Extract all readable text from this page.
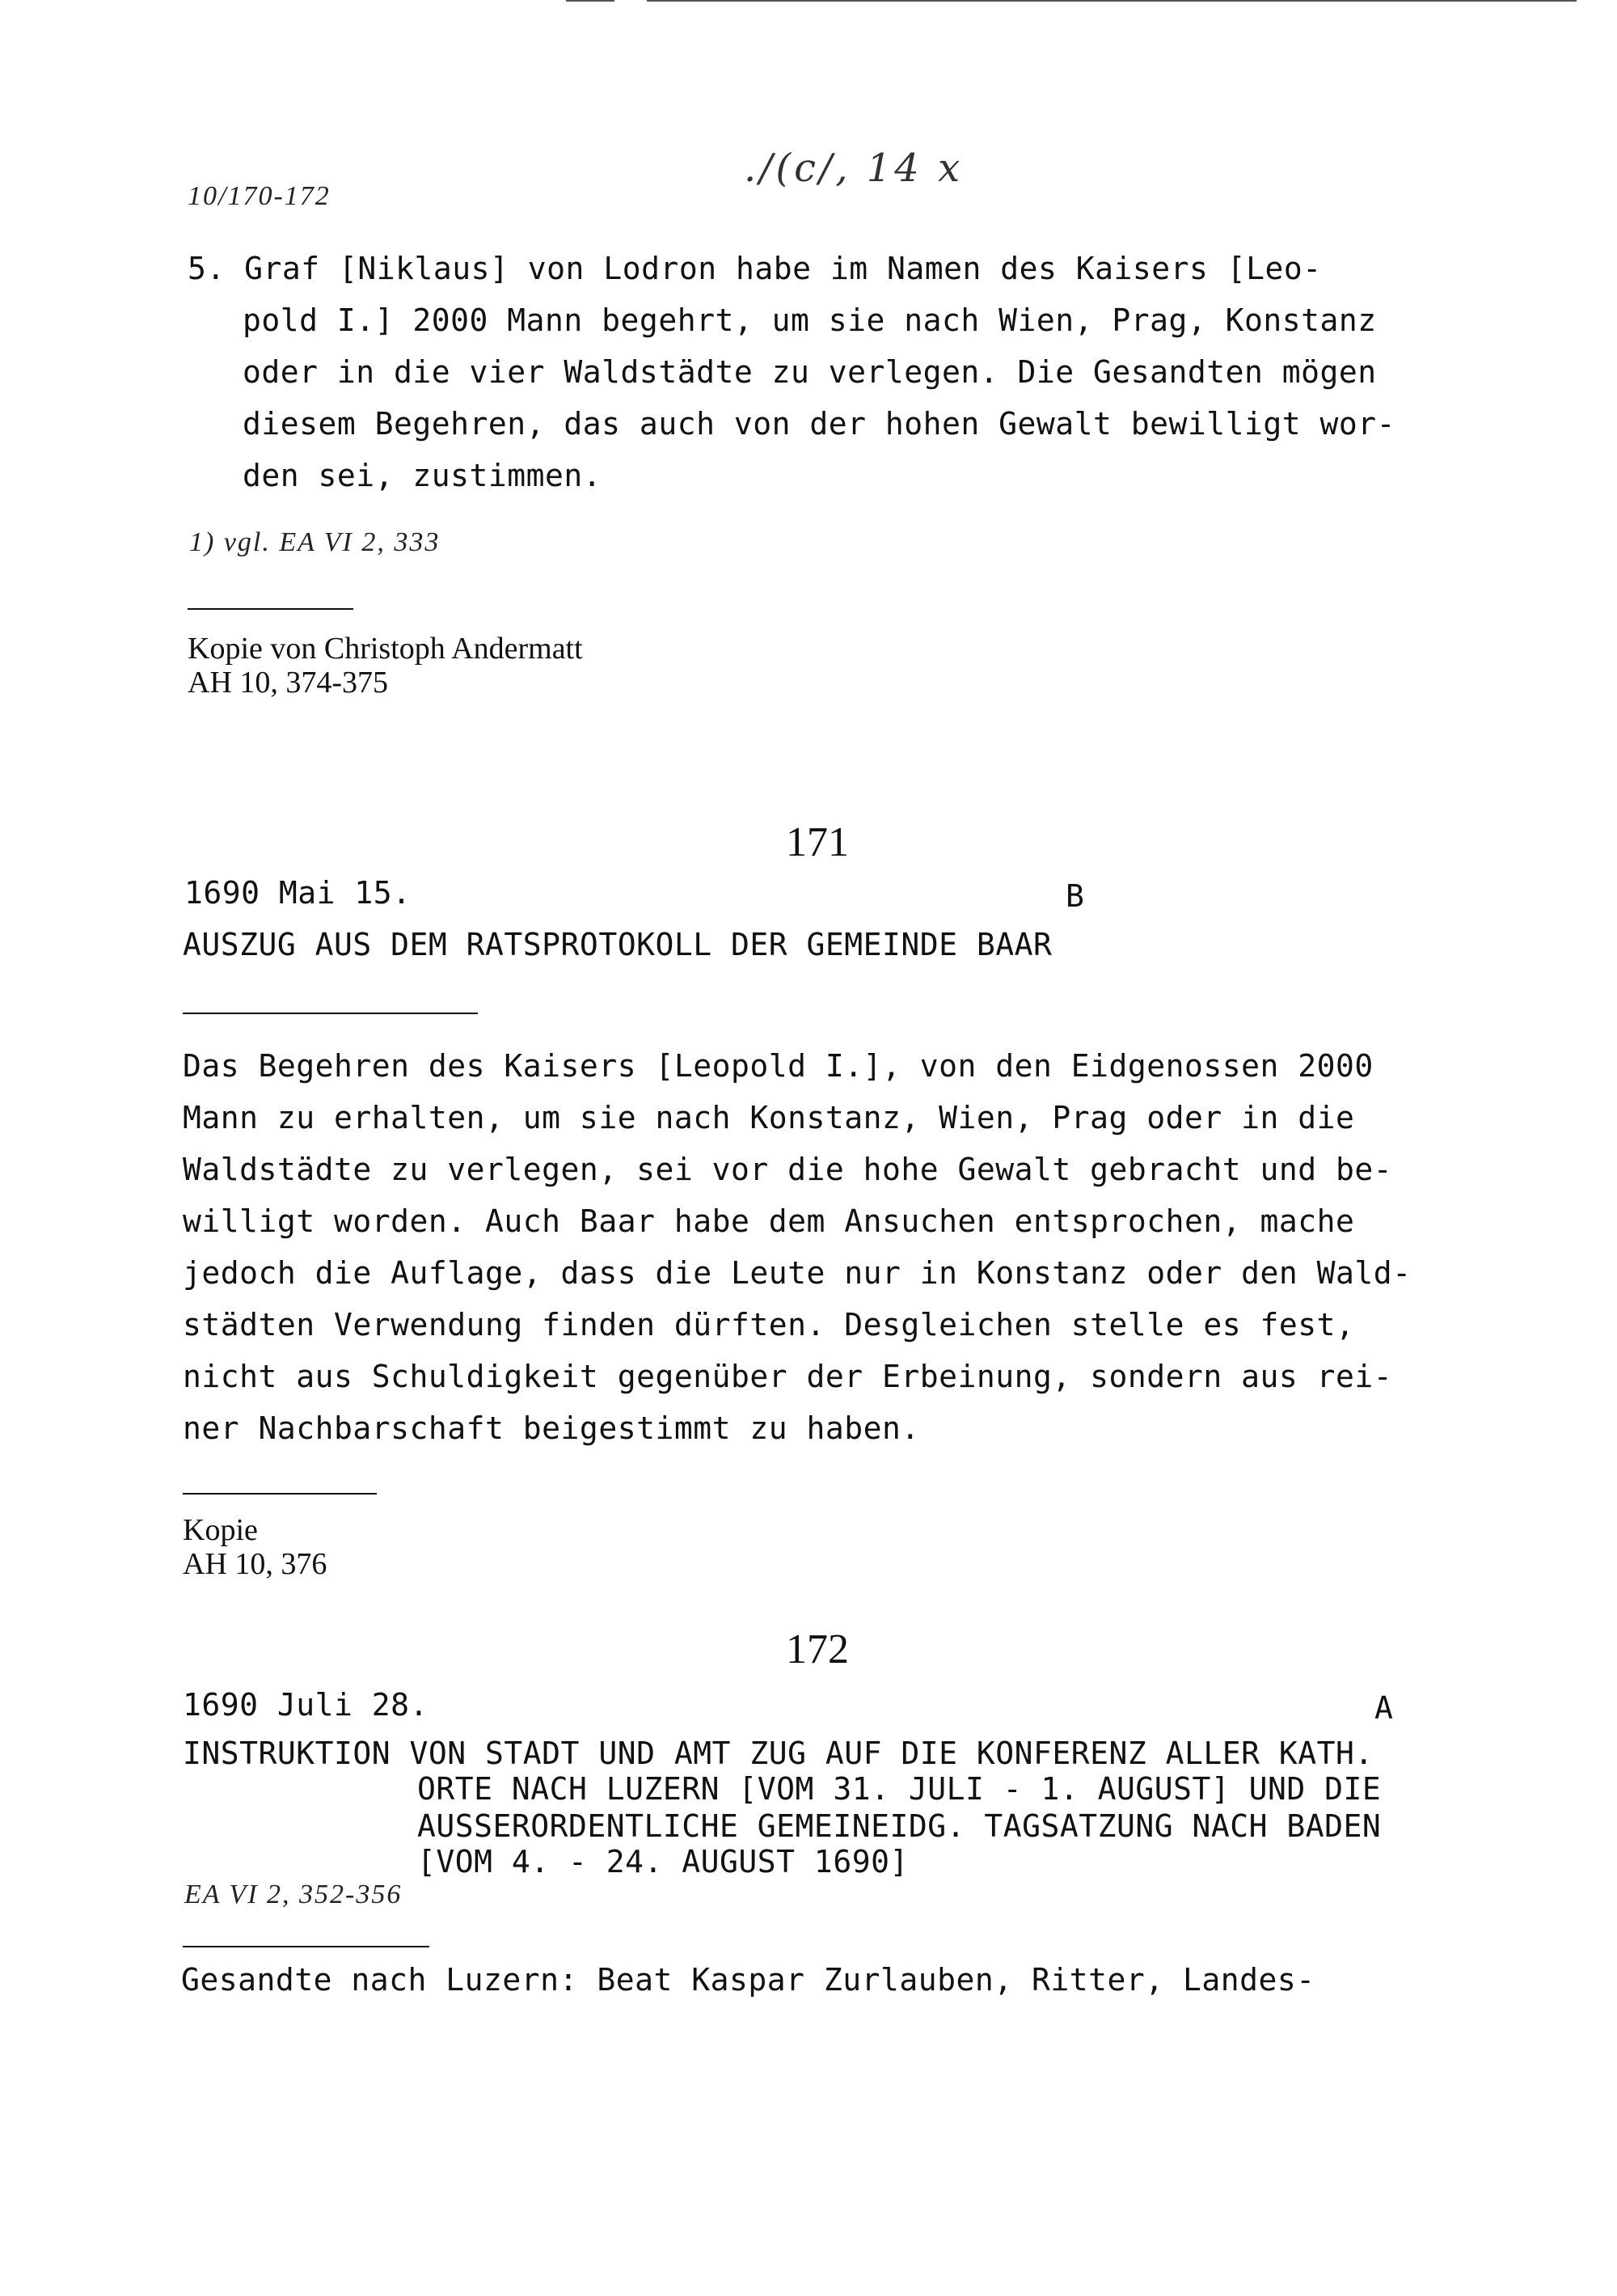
./(c/, 14 x
10/170-172
5. Graf [Niklaus] von Lodron habe im Namen des Kaisers [Leo-
pold I.] 2000 Mann begehrt, um sie nach Wien, Prag, Konstanz
oder in die vier Waldstädte zu verlegen. Die Gesandten mögen
diesem Begehren, das auch von der hohen Gewalt bewilligt wor-
den sei, zustimmen.
1) vgl. EA VI 2, 333
Kopie von Christoph Andermatt
AH 10, 374-375
171
1690 Mai 15.	B
AUSZUG AUS DEM RATSPROTOKOLL DER GEMEINDE BAAR
Das Begehren des Kaisers [Leopold I.], von den Eidgenossen 2000
Mann zu erhalten, um sie nach Konstanz, Wien, Prag oder in die
Waldstädte zu verlegen, sei vor die hohe Gewalt gebracht und be-
willigt worden. Auch Baar habe dem Ansuchen entsprochen, mache
jedoch die Auflage, dass die Leute nur in Konstanz oder den Wald-
städten Verwendung finden dürften. Desgleichen stelle es fest,
nicht aus Schuldigkeit gegenüber der Erbeinung, sondern aus rei-
ner Nachbarschaft beigestimmt zu haben.
Kopie
AH 10, 376
172
1690 Juli 28.	A
INSTRUKTION VON STADT UND AMT ZUG AUF DIE KONFERENZ ALLER KATH.
ORTE NACH LUZERN [VOM 31. JULI - 1. AUGUST] UND DIE
AUSSERORDENTLICHE GEMEINEIDG. TAGSATZUNG NACH BADEN
[VOM 4. - 24. AUGUST 1690]
EA VI 2, 352-356
Gesandte nach Luzern: Beat Kaspar Zurlauben, Ritter, Landes-
